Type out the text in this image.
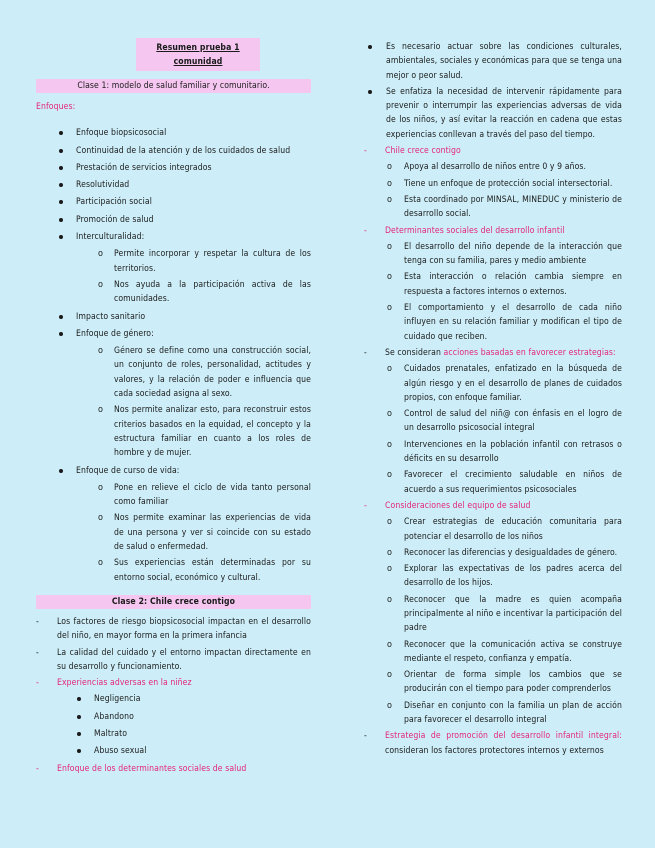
Resumen prueba 1
comunidad
Clase 1: modelo de salud familiar y comunitario.
Enfoques:
Enfoque biopsicosocial
Continuidad de la atención y de los cuidados de salud
Prestación de servicios integrados
Resolutividad
Participación social
Promoción de salud
Interculturalidad:
o Permite incorporar y respetar la cultura de los territorios.
o Nos ayuda a la participación activa de las comunidades.
Impacto sanitario
Enfoque de género:
o Género se define como una construcción social, un conjunto de roles, personalidad, actitudes y valores, y la relación de poder e influencia que cada sociedad asigna al sexo.
o Nos permite analizar esto, para reconstruir estos criterios basados en la equidad, el concepto y la estructura familiar en cuanto a los roles de hombre y de mujer.
Enfoque de curso de vida:
o Pone en relieve el ciclo de vida tanto personal como familiar
o Nos permite examinar las experiencias de vida de una persona y ver si coincide con su estado de salud o enfermedad.
o Sus experiencias están determinadas por su entorno social, económico y cultural.
Clase 2: Chile crece contigo
- Los factores de riesgo biopsicosocial impactan en el desarrollo del niño, en mayor forma en la primera infancia
- La calidad del cuidado y el entorno impactan directamente en su desarrollo y funcionamiento.
- Experiencias adversas en la niñez
Negligencia
Abandono
Maltrato
Abuso sexual
- Enfoque de los determinantes sociales de salud
Es necesario actuar sobre las condiciones culturales, ambientales, sociales y económicas para que se tenga una mejor o peor salud.
Se enfatiza la necesidad de intervenir rápidamente para prevenir o interrumpir las experiencias adversas de vida de los niños, y así evitar la reacción en cadena que estas experiencias conllevan a través del paso del tiempo.
- Chile crece contigo
o Apoya al desarrollo de niños entre 0 y 9 años.
o Tiene un enfoque de protección social intersectorial.
o Esta coordinado por MINSAL, MINEDUC y ministerio de desarrollo social.
- Determinantes sociales del desarrollo infantil
o El desarrollo del niño depende de la interacción que tenga con su familia, pares y medio ambiente
o Esta interacción o relación cambia siempre en respuesta a factores internos o externos.
o El comportamiento y el desarrollo de cada niño influyen en su relación familiar y modifican el tipo de cuidado que reciben.
- Se consideran acciones basadas en favorecer estrategias:
o Cuidados prenatales, enfatizado en la búsqueda de algún riesgo y en el desarrollo de planes de cuidados propios, con enfoque familiar.
o Control de salud del niñ@ con énfasis en el logro de un desarrollo psicosocial integral
o Intervenciones en la población infantil con retrasos o déficits en su desarrollo
o Favorecer el crecimiento saludable en niños de acuerdo a sus requerimientos psicosociales
- Consideraciones del equipo de salud
o Crear estrategias de educación comunitaria para potenciar el desarrollo de los niños
o Reconocer las diferencias y desigualdades de género.
o Explorar las expectativas de los padres acerca del desarrollo de los hijos.
o Reconocer que la madre es quien acompaña principalmente al niño e incentivar la participación del padre
o Reconocer que la comunicación activa se construye mediante el respeto, confianza y empatía.
o Orientar de forma simple los cambios que se producirán con el tiempo para poder comprenderlos
o Diseñar en conjunto con la familia un plan de acción para favorecer el desarrollo integral
- Estrategia de promoción del desarrollo infantil integral: consideran los factores protectores internos y externos
